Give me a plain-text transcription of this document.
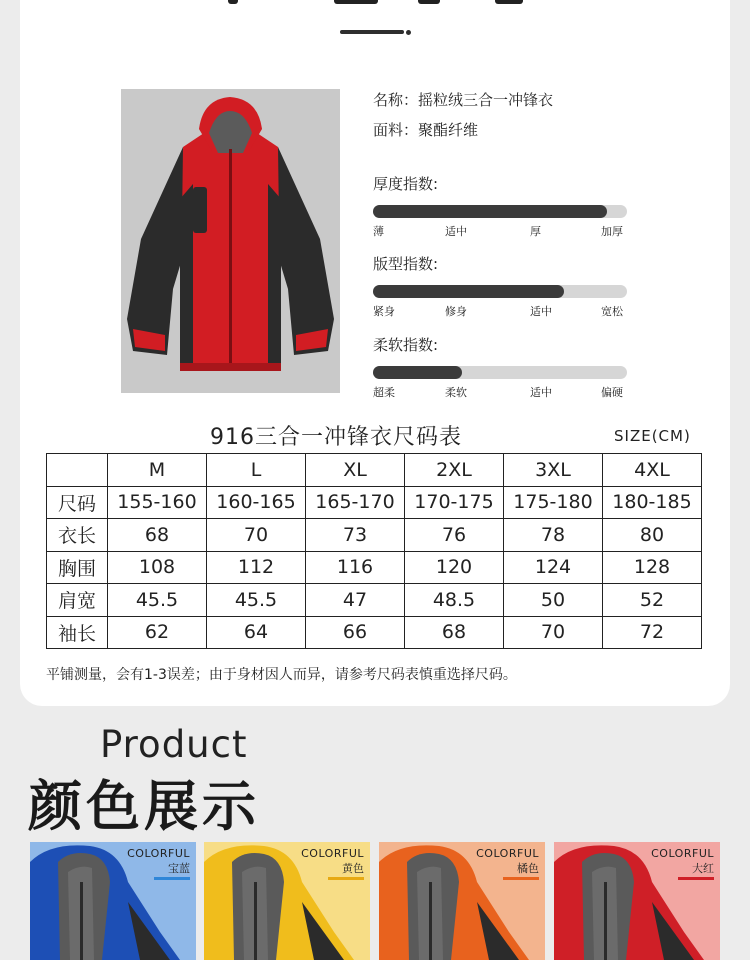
名称：摇粒绒三合一冲锋衣
面料：聚酯纤维
厚度指数:
薄	适中	厚	加厚
版型指数:
紧身	修身	适中	宽松
柔软指数:
超柔	柔软	适中	偏硬
916三合一冲锋衣尺码表	SIZE(CM)
	M	L	XL	2XL	3XL	4XL
尺码	155-160	160-165	165-170	170-175	175-180	180-185
衣长	68	70	73	76	78	80
胸围	108	112	116	120	124	128
肩宽	45.5	45.5	47	48.5	50	52
袖长	62	64	66	68	70	72
平铺测量，会有1-3误差；由于身材因人而异，请参考尺码表慎重选择尺码。
Product
颜色展示
COLORFUL
宝蓝
COLORFUL
黄色
COLORFUL
橘色
COLORFUL
大红
